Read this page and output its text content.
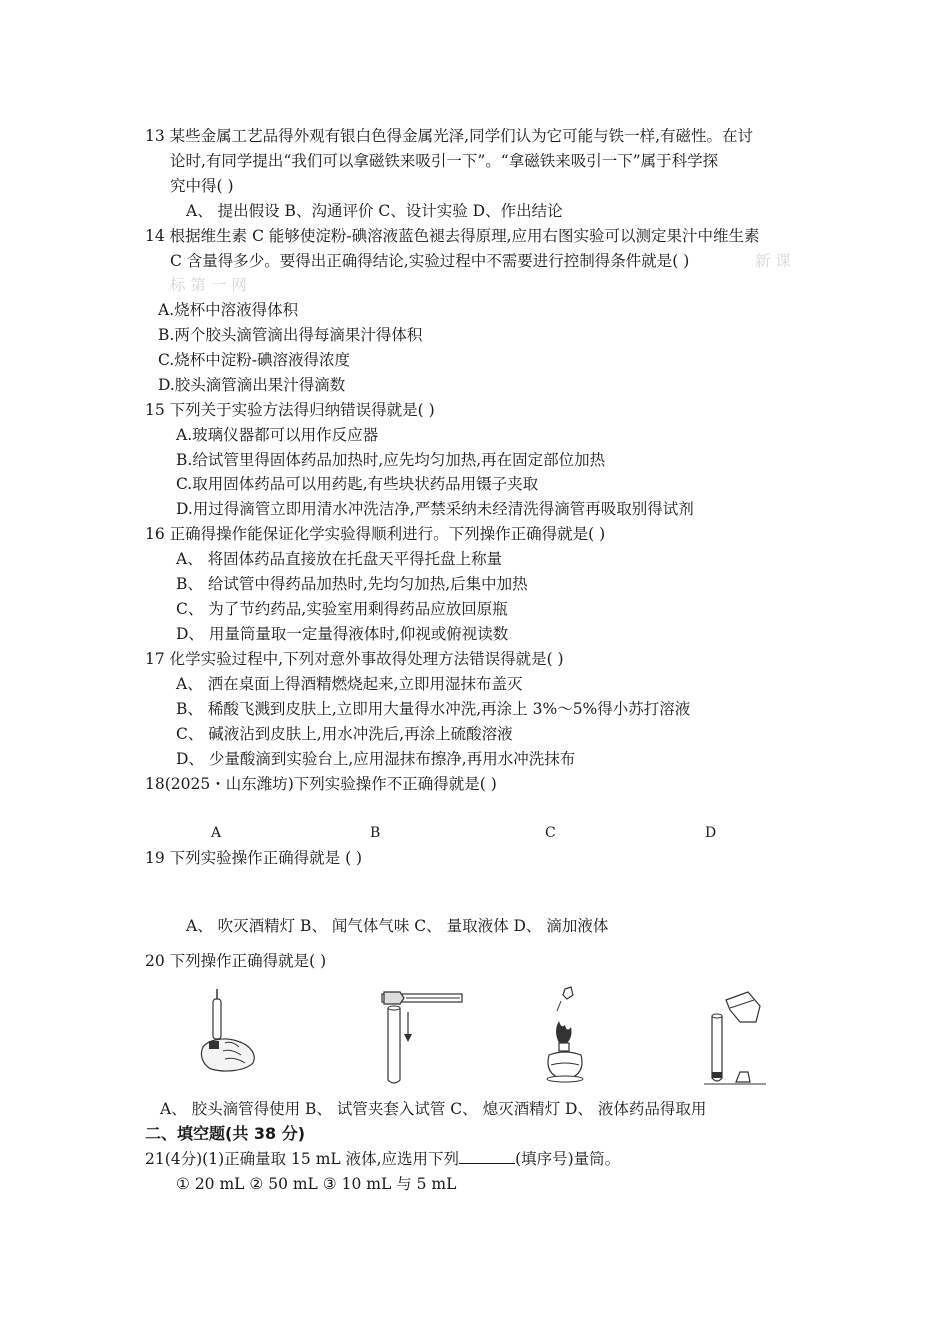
13 某些金属工艺品得外观有银白色得金属光泽,同学们认为它可能与铁一样,有磁性。在讨
论时,有同学提出“我们可以拿磁铁来吸引一下”。“拿磁铁来吸引一下”属于科学探
究中得( )
A、 提出假设 B、沟通评价 C、设计实验 D、作出结论
14 根据维生素 C 能够使淀粉-碘溶液蓝色褪去得原理,应用右图实验可以测定果汁中维生素
C 含量得多少。要得出正确得结论,实验过程中不需要进行控制得条件就是( )	新 课
标 第 一 网
A.烧杯中溶液得体积
B.两个胶头滴管滴出得每滴果汁得体积
C.烧杯中淀粉-碘溶液得浓度
D.胶头滴管滴出果汁得滴数
15 下列关于实验方法得归纳错误得就是( )
A.玻璃仪器都可以用作反应器
B.给试管里得固体药品加热时,应先均匀加热,再在固定部位加热
C.取用固体药品可以用药匙,有些块状药品用镊子夹取
D.用过得滴管立即用清水冲洗洁净,严禁采纳未经清洗得滴管再吸取别得试剂
16 正确得操作能保证化学实验得顺利进行。下列操作正确得就是( )
A、 将固体药品直接放在托盘天平得托盘上称量
B、 给试管中得药品加热时,先均匀加热,后集中加热
C、 为了节约药品,实验室用剩得药品应放回原瓶
D、 用量筒量取一定量得液体时,仰视或俯视读数
17 化学实验过程中,下列对意外事故得处理方法错误得就是( )
A、 洒在桌面上得酒精燃烧起来,立即用湿抹布盖灭
B、 稀酸飞溅到皮肤上,立即用大量得水冲洗,再涂上 3%～5%得小苏打溶液
C、 碱液沾到皮肤上,用水冲洗后,再涂上硫酸溶液
D、 少量酸滴到实验台上,应用湿抹布擦净,再用水冲洗抹布
18(2025・山东潍坊)下列实验操作不正确得就是( )
A	B	C	D
19 下列实验操作正确得就是 ( )
A、 吹灭酒精灯 B、 闻气体气味 C、 量取液体 D、 滴加液体
20 下列操作正确得就是( )
A、 胶头滴管得使用 B、 试管夹套入试管 C、 熄灭酒精灯 D、 液体药品得取用
二、填空题(共 38 分)
21(4分)(1)正确量取 15 mL 液体,应选用下列	(填序号)量筒。
① 20 mL ② 50 mL ③ 10 mL 与 5 mL
